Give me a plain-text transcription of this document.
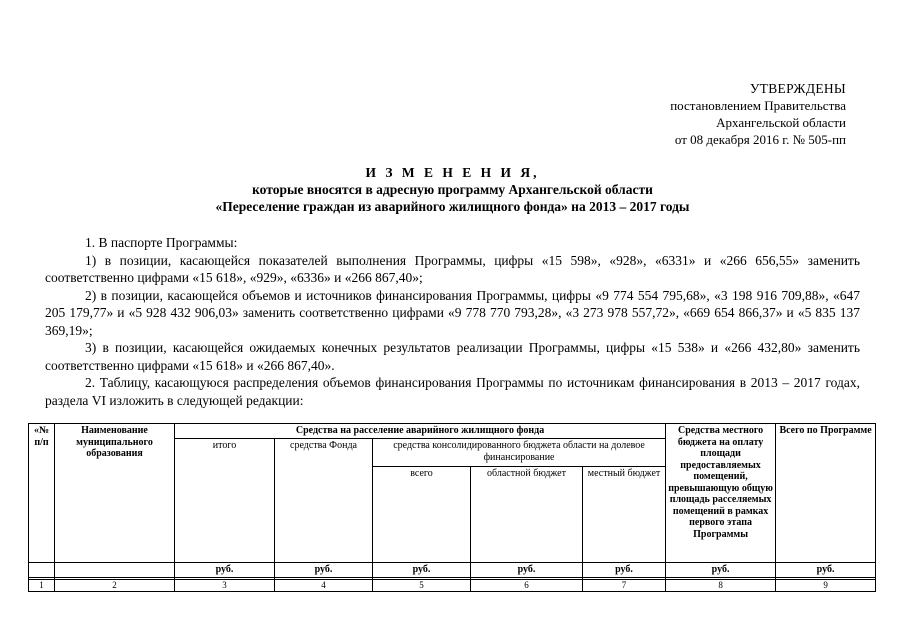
УТВЕРЖДЕНЫ
постановлением Правительства
Архангельской области
от 08 декабря 2016 г. № 505-пп
И З М Е Н Е Н И Я,
которые вносятся в адресную программу Архангельской области
«Переселение граждан из аварийного жилищного фонда» на 2013 – 2017 годы

1. В паспорте Программы:

1) в позиции, касающейся показателей выполнения Программы, цифры «15 598», «928», «6331» и «266 656,55» заменить соответственно цифрами «15 618», «929», «6336» и «266 867,40»;

2) в позиции, касающейся объемов и источников финансирования Программы, цифры «9 774 554 795,68», «3 198 916 709,88», «647 205 179,77» и «5 928 432 906,03» заменить соответственно цифрами «9 778 770 793,28», «3 273 978 557,72», «669 654 866,37» и «5 835 137 369,19»;

3) в позиции, касающейся ожидаемых конечных результатов реализации Программы, цифры «15 538» и «266 432,80» заменить соответственно цифрами «15 618» и «266 867,40».

2. Таблицу, касающуюся распределения объемов финансирования Программы по источникам финансирования в 2013 – 2017 годах, раздела VI изложить в следующей редакции:

«№ п/п	Наименование муниципального образования	Средства на расселение аварийного жилищного фонда					Средства местного бюджета на оплату площади предоставляемых помещений, превышающую общую площадь расселяемых помещений в рамках первого этапа Программы	Всего по Программе
		итого	средства Фонда	средства консолидированного бюджета области на долевое финансирование				
				всего	областной бюджет	местный бюджет		
		руб.	руб.	руб.	руб.	руб.	руб.	руб.

1	2	3	4	5	6	7	8	9
